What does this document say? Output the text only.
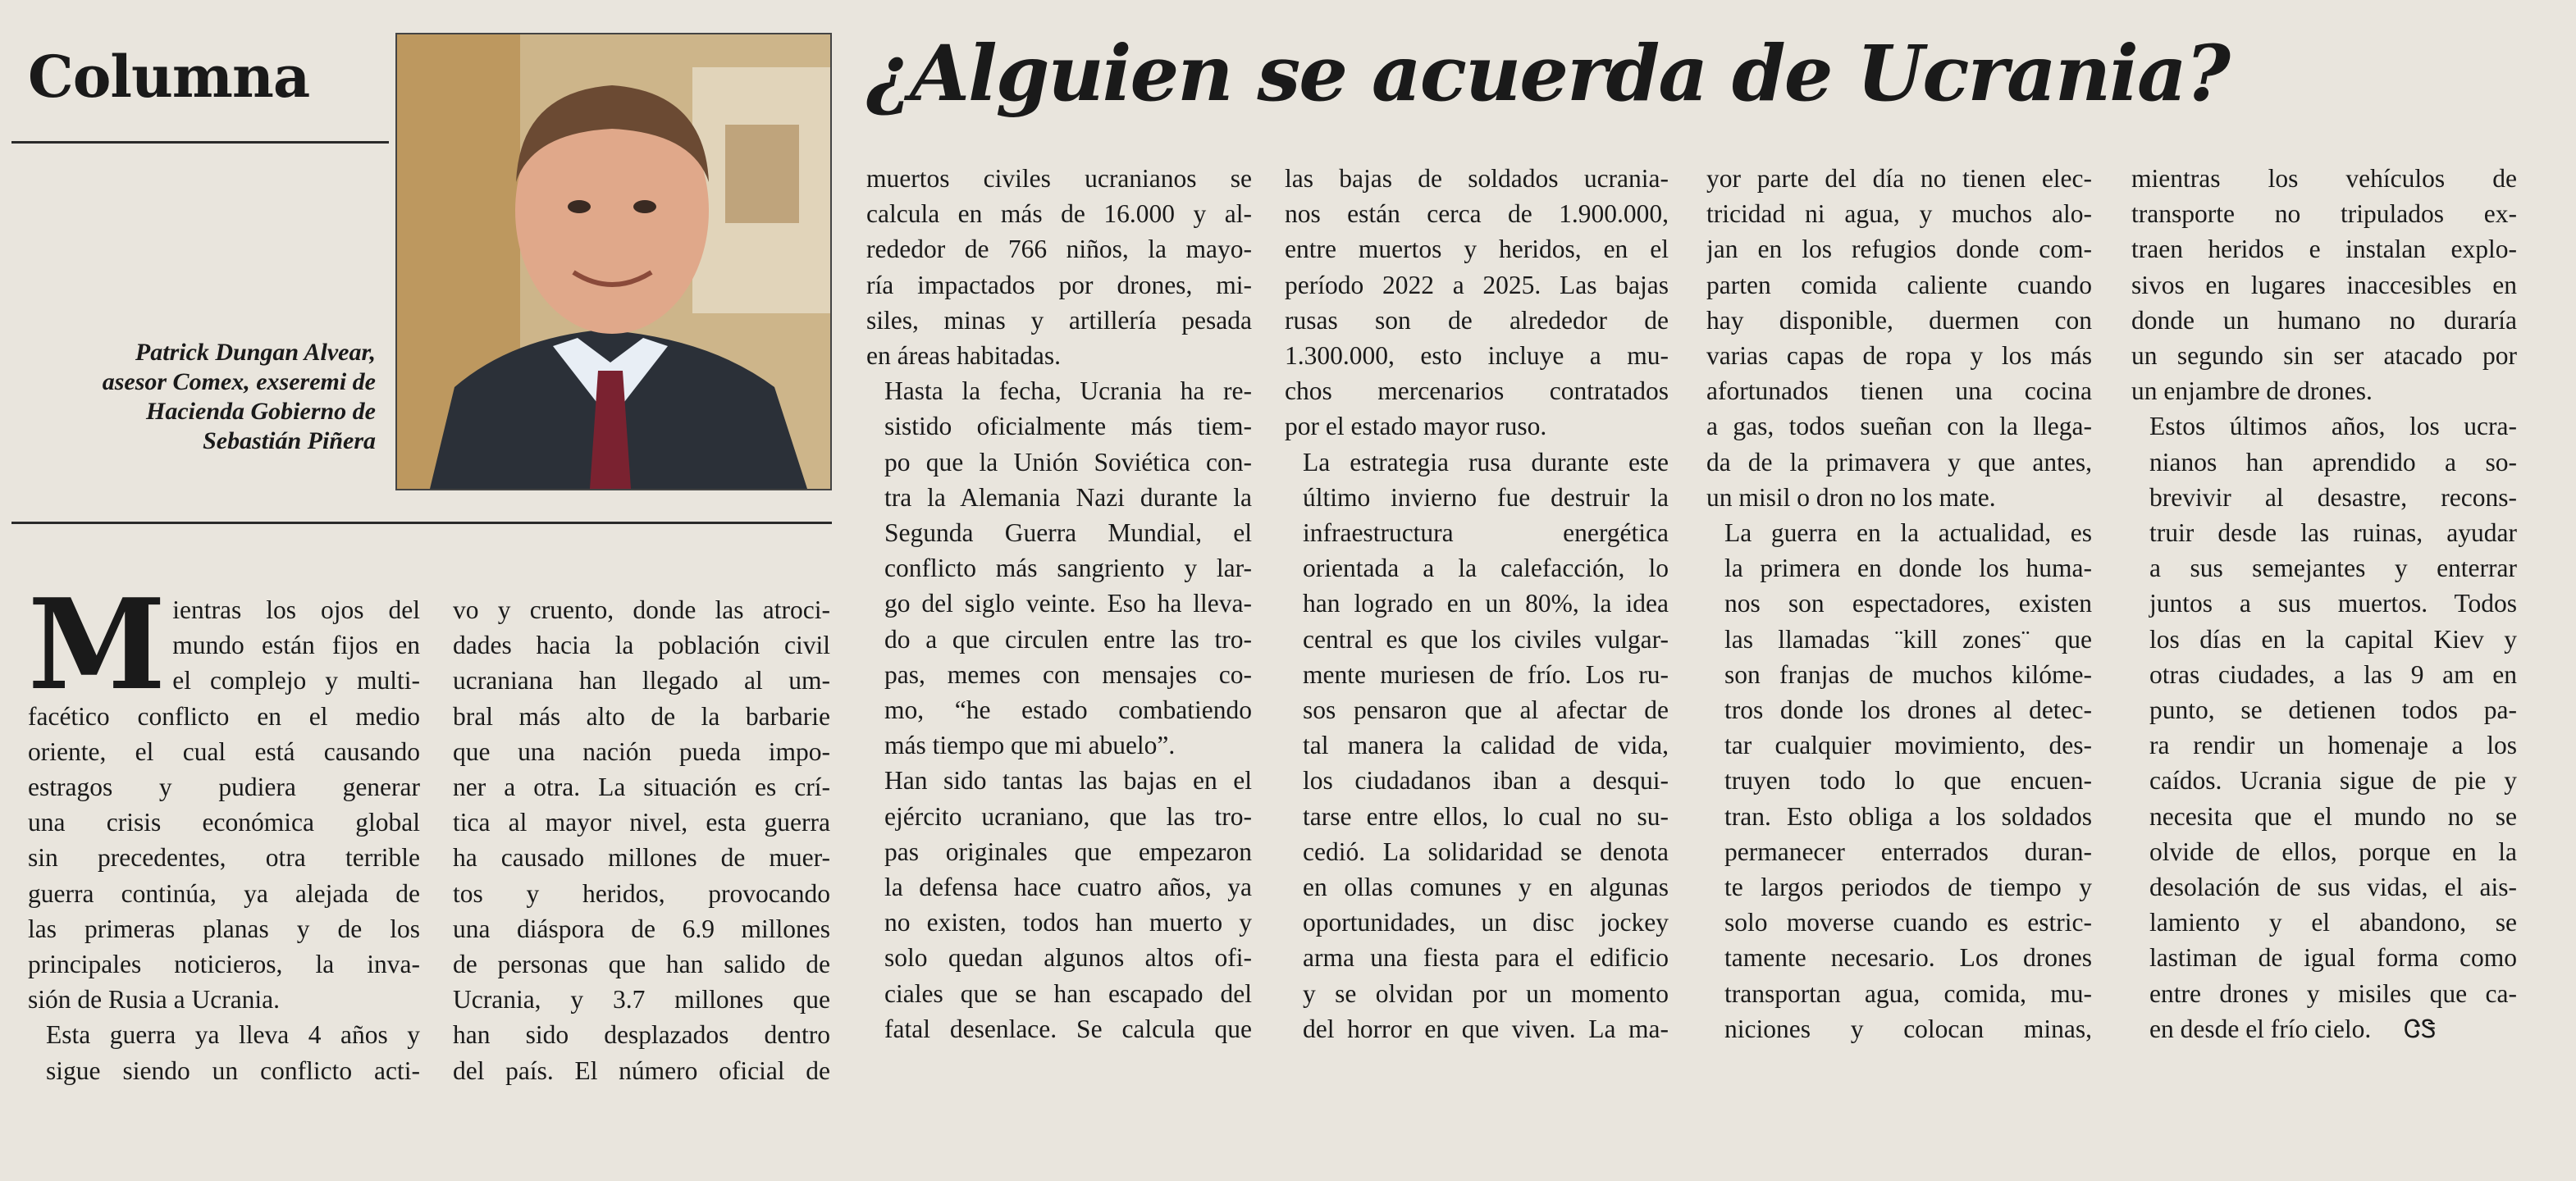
Columna
Patrick Dungan Alvear,
asesor Comex, exseremi de
Hacienda Gobierno de
Sebastián Piñera
¿Alguien se acuerda de Ucrania?
M ientras los ojos del
mundo están fijos en
el complejo y multi-
facético conflicto en el medio
oriente, el cual está causando
estragos y pudiera generar
una crisis económica global
sin precedentes, otra terrible
guerra continúa, ya alejada de
las primeras planas y de los
principales noticieros, la inva-
sión de Rusia a Ucrania.

Esta guerra ya lleva 4 años y
sigue siendo un conflicto acti-

vo y cruento, donde las atroci-
dades hacia la población civil
ucraniana han llegado al um-
bral más alto de la barbarie
que una nación pueda impo-
ner a otra. La situación es crí-
tica al mayor nivel, esta guerra
ha causado millones de muer-
tos y heridos, provocando
una diáspora de 6.9 millones
de personas que han salido de
Ucrania, y 3.7 millones que
han sido desplazados dentro
del país. El número oficial de

muertos civiles ucranianos se
calcula en más de 16.000 y al-
rededor de 766 niños, la mayo-
ría impactados por drones, mi-
siles, minas y artillería pesada
en áreas habitadas.

Hasta la fecha, Ucrania ha re-
sistido oficialmente más tiem-
po que la Unión Soviética con-
tra la Alemania Nazi durante la
Segunda Guerra Mundial, el
conflicto más sangriento y lar-
go del siglo veinte. Eso ha lleva-
do a que circulen entre las tro-
pas, memes con mensajes co-
mo, “he estado combatiendo
más tiempo que mi abuelo”.

Han sido tantas las bajas en el
ejército ucraniano, que las tro-
pas originales que empezaron
la defensa hace cuatro años, ya
no existen, todos han muerto y
solo quedan algunos altos ofi-
ciales que se han escapado del
fatal desenlace. Se calcula que

las bajas de soldados ucrania-
nos están cerca de 1.900.000,
entre muertos y heridos, en el
período 2022 a 2025. Las bajas
rusas son de alrededor de
1.300.000, esto incluye a mu-
chos mercenarios contratados
por el estado mayor ruso.

La estrategia rusa durante este
último invierno fue destruir la
infraestructura energética
orientada a la calefacción, lo
han logrado en un 80%, la idea
central es que los civiles vulgar-
mente muriesen de frío. Los ru-
sos pensaron que al afectar de
tal manera la calidad de vida,
los ciudadanos iban a desqui-
tarse entre ellos, lo cual no su-
cedió. La solidaridad se denota
en ollas comunes y en algunas
oportunidades, un disc jockey
arma una fiesta para el edificio
y se olvidan por un momento
del horror en que viven. La ma-

yor parte del día no tienen elec-
tricidad ni agua, y muchos alo-
jan en los refugios donde com-
parten comida caliente cuando
hay disponible, duermen con
varias capas de ropa y los más
afortunados tienen una cocina
a gas, todos sueñan con la llega-
da de la primavera y que antes,
un misil o dron no los mate.

La guerra en la actualidad, es
la primera en donde los huma-
nos son espectadores, existen
las llamadas ¨kill zones¨ que
son franjas de muchos kilóme-
tros donde los drones al detec-
tar cualquier movimiento, des-
truyen todo lo que encuen-
tran. Esto obliga a los soldados
permanecer enterrados duran-
te largos periodos de tiempo y
solo moverse cuando es estric-
tamente necesario. Los drones
transportan agua, comida, mu-
niciones y colocan minas,

mientras los vehículos de
transporte no tripulados ex-
traen heridos e instalan explo-
sivos en lugares inaccesibles en
donde un humano no duraría
un segundo sin ser atacado por
un enjambre de drones.

Estos últimos años, los ucra-
nianos han aprendido a so-
brevivir al desastre, recons-
truir desde las ruinas, ayudar
a sus semejantes y enterrar
juntos a sus muertos. Todos
los días en la capital Kiev y
otras ciudades, a las 9 am en
punto, se detienen todos pa-
ra rendir un homenaje a los
caídos. Ucrania sigue de pie y
necesita que el mundo no se
olvide de ellos, porque en la
desolación de sus vidas, el ais-
lamiento y el abandono, se
lastiman de igual forma como
entre drones y misiles que ca-
en desde el frío cielo. ᏣᏕ
